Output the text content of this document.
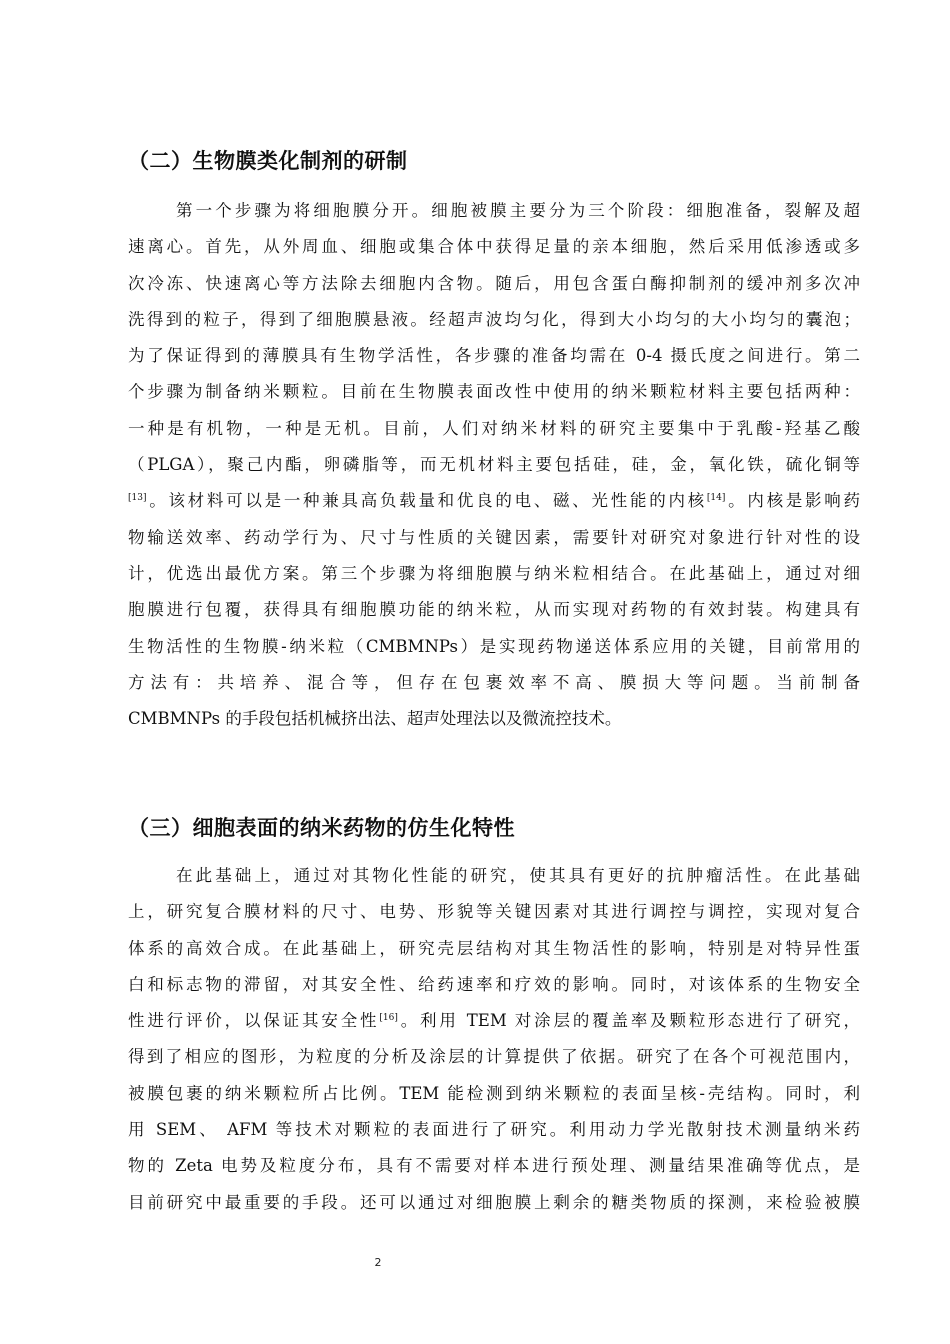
（二）生物膜类化制剂的研制
第一个步骤为将细胞膜分开。细胞被膜主要分为三个阶段：细胞准备，裂解及超
速离心。首先，从外周血、细胞或集合体中获得足量的亲本细胞，然后采用低渗透或多
次冷冻、快速离心等方法除去细胞内含物。随后，用包含蛋白酶抑制剂的缓冲剂多次冲
洗得到的粒子，得到了细胞膜悬液。经超声波均匀化，得到大小均匀的大小均匀的囊泡；
为了保证得到的薄膜具有生物学活性，各步骤的准备均需在 0-4 摄氏度之间进行。第二
个步骤为制备纳米颗粒。目前在生物膜表面改性中使用的纳米颗粒材料主要包括两种：
一种是有机物，一种是无机。目前，人们对纳米材料的研究主要集中于乳酸-羟基乙酸
（PLGA），聚己内酯，卵磷脂等，而无机材料主要包括硅，硅，金，氧化铁，硫化铜等
[13]。该材料可以是一种兼具高负载量和优良的电、磁、光性能的内核[14]。内核是影响药
物输送效率、药动学行为、尺寸与性质的关键因素，需要针对研究对象进行针对性的设
计，优选出最优方案。第三个步骤为将细胞膜与纳米粒相结合。在此基础上，通过对细
胞膜进行包覆，获得具有细胞膜功能的纳米粒，从而实现对药物的有效封装。构建具有
生物活性的生物膜-纳米粒（CMBMNPs）是实现药物递送体系应用的关键，目前常用的
方法有：共培养、混合等，但存在包裹效率不高、膜损大等问题。当前制备
CMBMNPs 的手段包括机械挤出法、超声处理法以及微流控技术。
（三）细胞表面的纳米药物的仿生化特性
在此基础上，通过对其物化性能的研究，使其具有更好的抗肿瘤活性。在此基础
上，研究复合膜材料的尺寸、电势、形貌等关键因素对其进行调控与调控，实现对复合
体系的高效合成。在此基础上，研究壳层结构对其生物活性的影响，特别是对特异性蛋
白和标志物的滞留，对其安全性、给药速率和疗效的影响。同时，对该体系的生物安全
性进行评价，以保证其安全性[16]。利用 TEM 对涂层的覆盖率及颗粒形态进行了研究，
得到了相应的图形，为粒度的分析及涂层的计算提供了依据。研究了在各个可视范围内，
被膜包裹的纳米颗粒所占比例。TEM 能检测到纳米颗粒的表面呈核-壳结构。同时，利
用 SEM、 AFM 等技术对颗粒的表面进行了研究。利用动力学光散射技术测量纳米药
物的 Zeta 电势及粒度分布，具有不需要对样本进行预处理、测量结果准确等优点，是
目前研究中最重要的手段。还可以通过对细胞膜上剩余的糖类物质的探测，来检验被膜
2
